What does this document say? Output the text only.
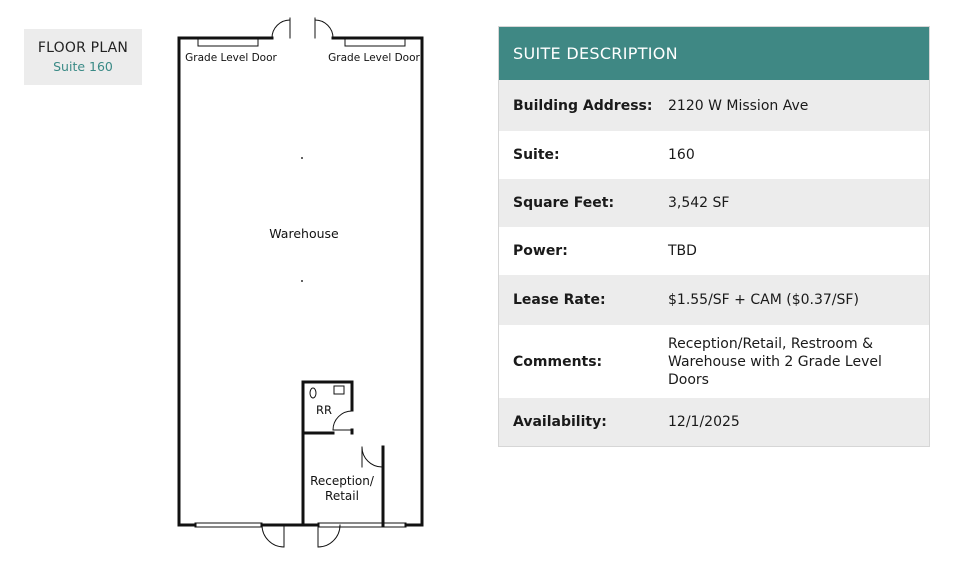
FLOOR PLAN
Suite 160
Grade Level Door	Grade Level Door
Warehouse
RR
Reception/
Retail
SUITE DESCRIPTION
Building Address:	2120 W Mission Ave
Suite:	160
Square Feet:	3,542 SF
Power:	TBD
Lease Rate:	$1.55/SF + CAM ($0.37/SF)
Comments:
Reception/Retail, Restroom & Warehouse with 2 Grade Level Doors
Availability:	12/1/2025
